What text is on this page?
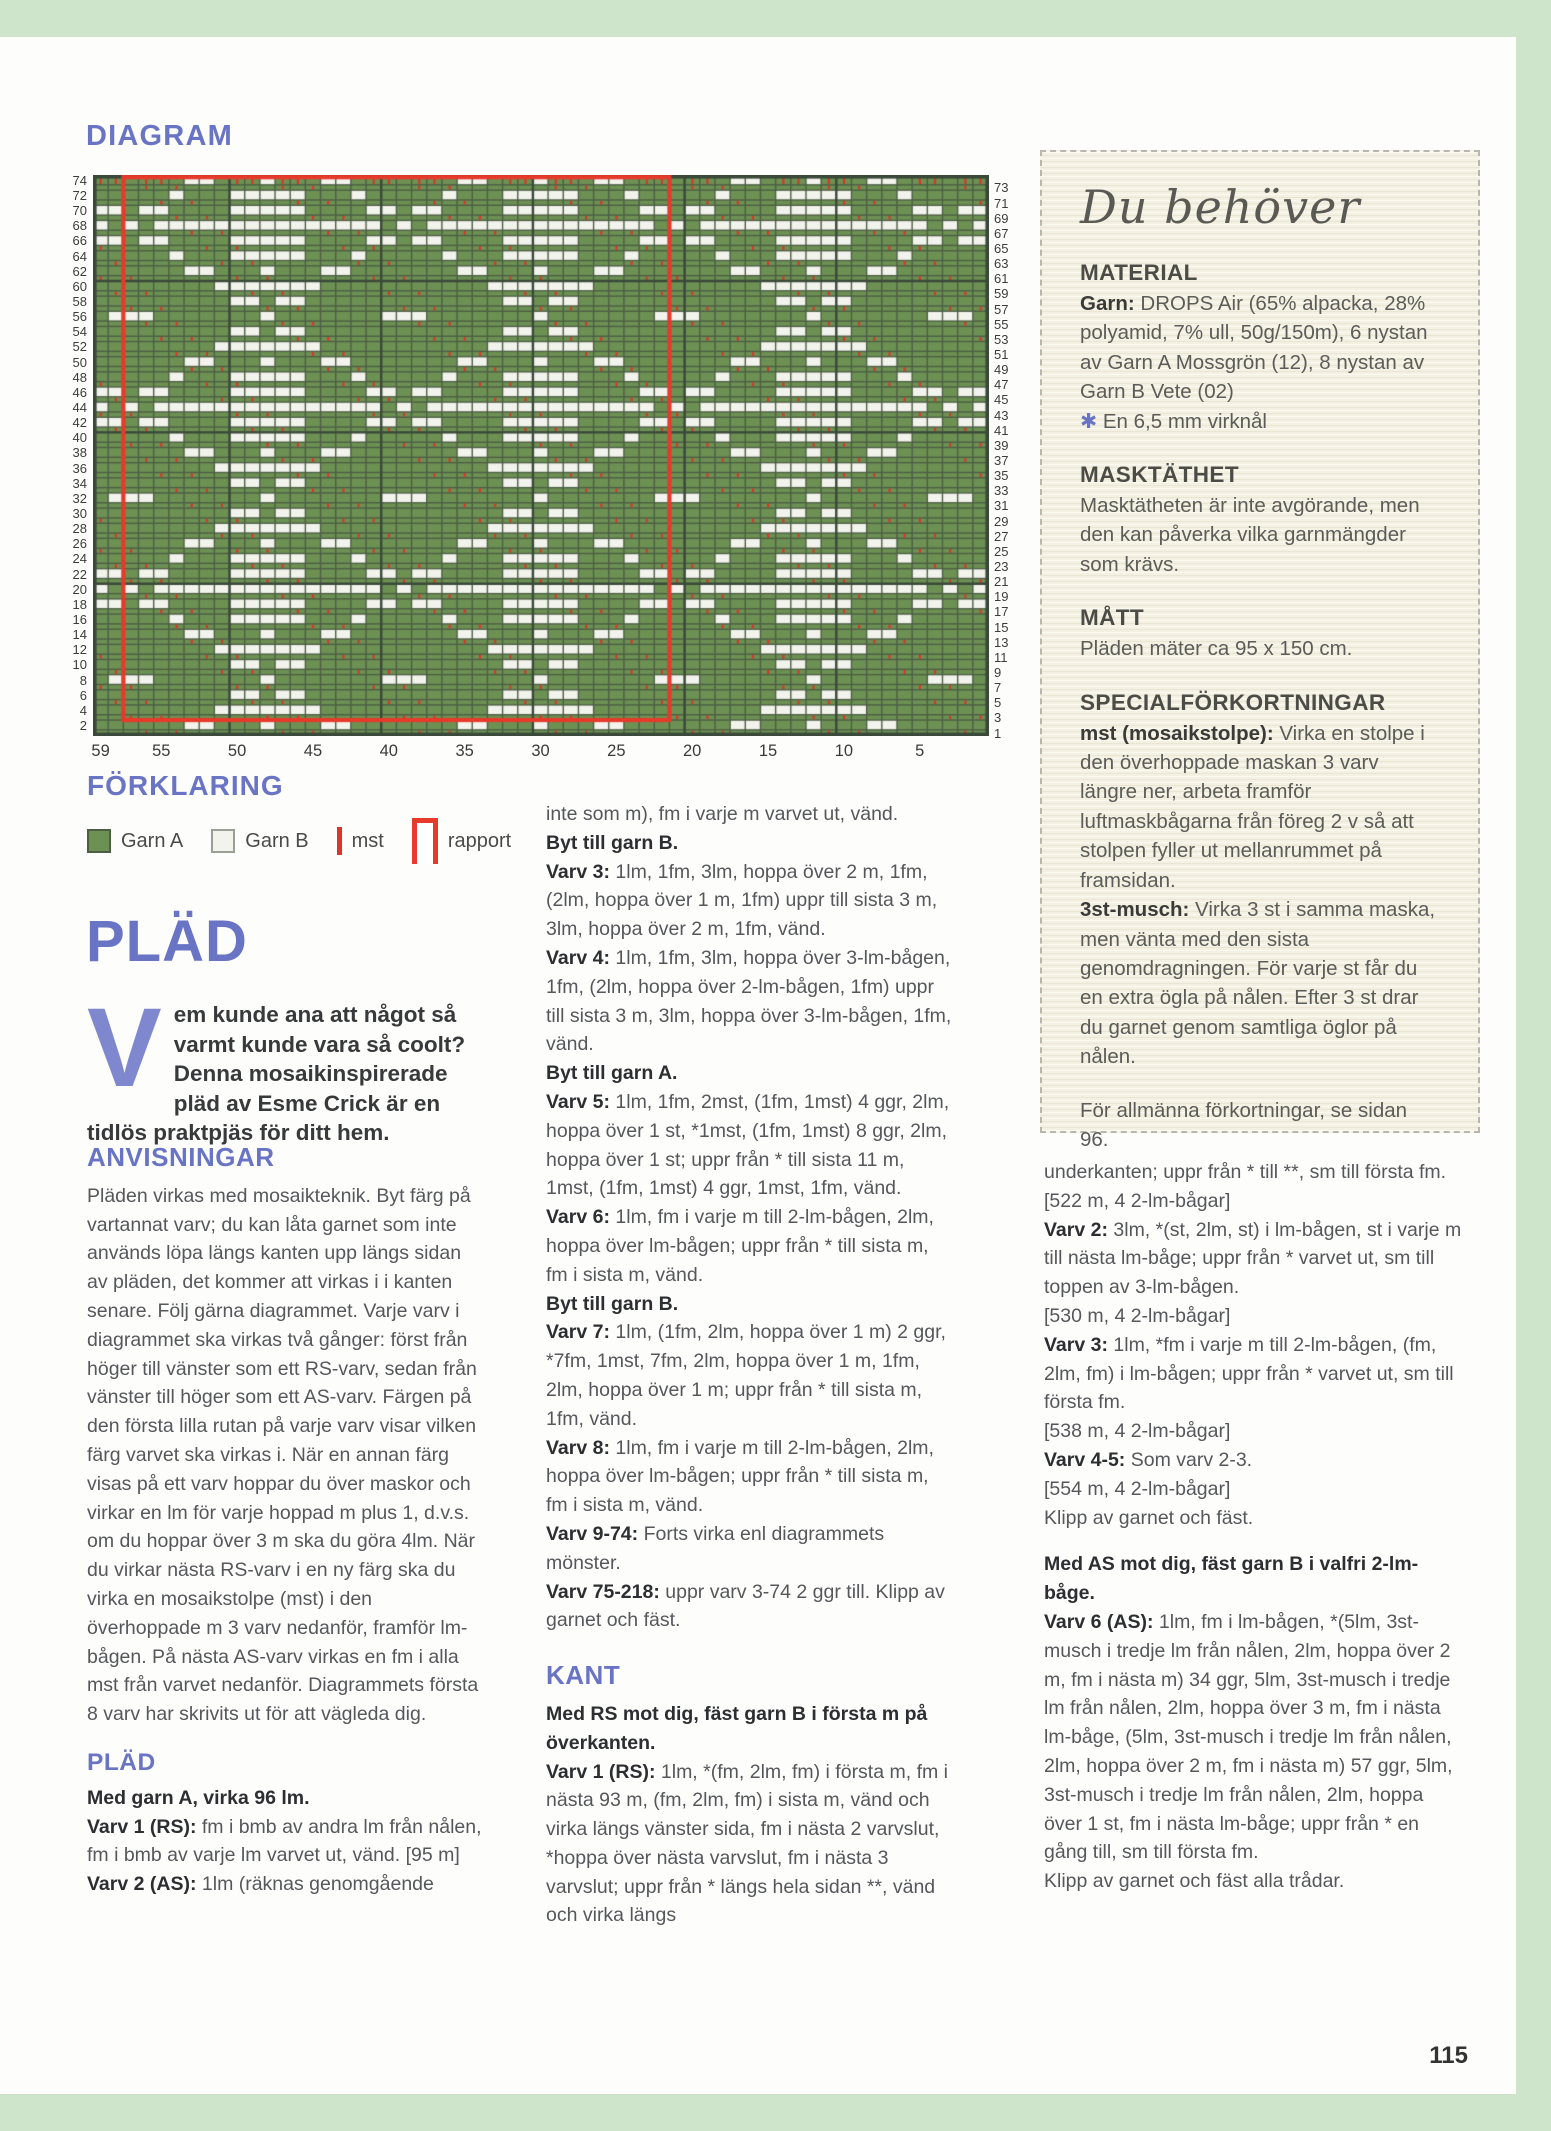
DIAGRAM
74
72
70
68
66
64
62
60
58
56
54
52
50
48
46
44
42
40
38
36
34
32
30
28
26
24
22
20
18
16
14
12
10
8
6
4
2
73
71
69
67
65
63
61
59
57
55
53
51
49
47
45
43
41
39
37
35
33
31
29
27
25
23
21
19
17
15
13
11
9
7
5
3
1
59	55	50	45	40	35	30	25	20	15	10	5
FÖRKLARING
Garn A	Garn B mst	rapport
PLÄD
Vem kunde ana att något så varmt kunde vara så coolt? Denna mosaikinspirerade pläd av Esme Crick är en tidlös praktpjäs för ditt hem.
ANVISNINGAR

Pläden virkas med mosaikteknik. Byt färg på vartannat varv; du kan låta garnet som inte används löpa längs kanten upp längs sidan av pläden, det kommer att virkas i i kanten senare. Följ gärna diagrammet. Varje varv i diagrammet ska virkas två gånger: först från höger till vänster som ett RS-varv, sedan från vänster till höger som ett AS-varv. Färgen på den första lilla rutan på varje varv visar vilken färg varvet ska virkas i. När en annan färg visas på ett varv hoppar du över maskor och virkar en lm för varje hoppad m plus 1, d.v.s. om du hoppar över 3 m ska du göra 4lm. När du virkar nästa RS-varv i en ny färg ska du virka en mosaikstolpe (mst) i den överhoppade m 3 varv nedanför, framför lm-bågen. På nästa AS-varv virkas en fm i alla mst från varvet nedanför. Diagrammets första 8 varv har skrivits ut för att vägleda dig.

PLÄD

Med garn A, virka 96 lm.

Varv 1 (RS): fm i bmb av andra lm från nålen, fm i bmb av varje lm varvet ut, vänd. [95 m]

Varv 2 (AS): 1lm (räknas genomgående

inte som m), fm i varje m varvet ut, vänd.

Byt till garn B.

Varv 3: 1lm, 1fm, 3lm, hoppa över 2 m, 1fm, (2lm, hoppa över 1 m, 1fm) uppr till sista 3 m, 3lm, hoppa över 2 m, 1fm, vänd.

Varv 4: 1lm, 1fm, 3lm, hoppa över 3-lm-bågen, 1fm, (2lm, hoppa över 2-lm-bågen, 1fm) uppr till sista 3 m, 3lm, hoppa över 3-lm-bågen, 1fm, vänd.

Byt till garn A.

Varv 5: 1lm, 1fm, 2mst, (1fm, 1mst) 4 ggr, 2lm, hoppa över 1 st, *1mst, (1fm, 1mst) 8 ggr, 2lm, hoppa över 1 st; uppr från * till sista 11 m, 1mst, (1fm, 1mst) 4 ggr, 1mst, 1fm, vänd.

Varv 6: 1lm, fm i varje m till 2-lm-bågen, 2lm, hoppa över lm-bågen; uppr från * till sista m, fm i sista m, vänd.

Byt till garn B.

Varv 7: 1lm, (1fm, 2lm, hoppa över 1 m) 2 ggr, *7fm, 1mst, 7fm, 2lm, hoppa över 1 m, 1fm, 2lm, hoppa över 1 m; uppr från * till sista m, 1fm, vänd.

Varv 8: 1lm, fm i varje m till 2-lm-bågen, 2lm, hoppa över lm-bågen; uppr från * till sista m, fm i sista m, vänd.

Varv 9-74: Forts virka enl diagrammets mönster.

Varv 75-218: uppr varv 3-74 2 ggr till. Klipp av garnet och fäst.

KANT

Med RS mot dig, fäst garn B i första m på överkanten.

Varv 1 (RS): 1lm, *(fm, 2lm, fm) i första m, fm i nästa 93 m, (fm, 2lm, fm) i sista m, vänd och virka längs vänster sida, fm i nästa 2 varvslut, *hoppa över nästa varvslut, fm i nästa 3 varvslut; uppr från * längs hela sidan **, vänd och virka längs

underkanten; uppr från * till **, sm till första fm.

[522 m, 4 2-lm-bågar]

Varv 2: 3lm, *(st, 2lm, st) i lm-bågen, st i varje m till nästa lm-båge; uppr från * varvet ut, sm till toppen av 3-lm-bågen.

[530 m, 4 2-lm-bågar]

Varv 3: 1lm, *fm i varje m till 2-lm-bågen, (fm, 2lm, fm) i lm-bågen; uppr från * varvet ut, sm till första fm.

[538 m, 4 2-lm-bågar]

Varv 4-5: Som varv 2-3.

[554 m, 4 2-lm-bågar]

Klipp av garnet och fäst.

Med AS mot dig, fäst garn B i valfri 2-lm-båge.

Varv 6 (AS): 1lm, fm i lm-bågen, *(5lm, 3st-musch i tredje lm från nålen, 2lm, hoppa över 2 m, fm i nästa m) 34 ggr, 5lm, 3st-musch i tredje lm från nålen, 2lm, hoppa över 3 m, fm i nästa lm-båge, (5lm, 3st-musch i tredje lm från nålen, 2lm, hoppa över 2 m, fm i nästa m) 57 ggr, 5lm, 3st-musch i tredje lm från nålen, 2lm, hoppa över 1 st, fm i nästa lm-båge; uppr från * en gång till, sm till första fm.

Klipp av garnet och fäst alla trådar.

Du behöver
MATERIAL

Garn: DROPS Air (65% alpacka, 28% polyamid, 7% ull, 50g/150m), 6 nystan av Garn A Mossgrön (12), 8 nystan av Garn B Vete (02)

✱ En 6,5 mm virknål

MASKTÄTHET

Masktätheten är inte avgörande, men den kan påverka vilka garnmängder som krävs.

MÅTT

Pläden mäter ca 95 x 150 cm.

SPECIALFÖRKORTNINGAR

mst (mosaikstolpe): Virka en stolpe i den överhoppade maskan 3 varv längre ner, arbeta framför luftmaskbågarna från föreg 2 v så att stolpen fyller ut mellanrummet på framsidan.

3st-musch: Virka 3 st i samma maska, men vänta med den sista genomdragningen. För varje st får du en extra ögla på nålen. Efter 3 st drar du garnet genom samtliga öglor på nålen.

För allmänna förkortningar, se sidan 96.

115
